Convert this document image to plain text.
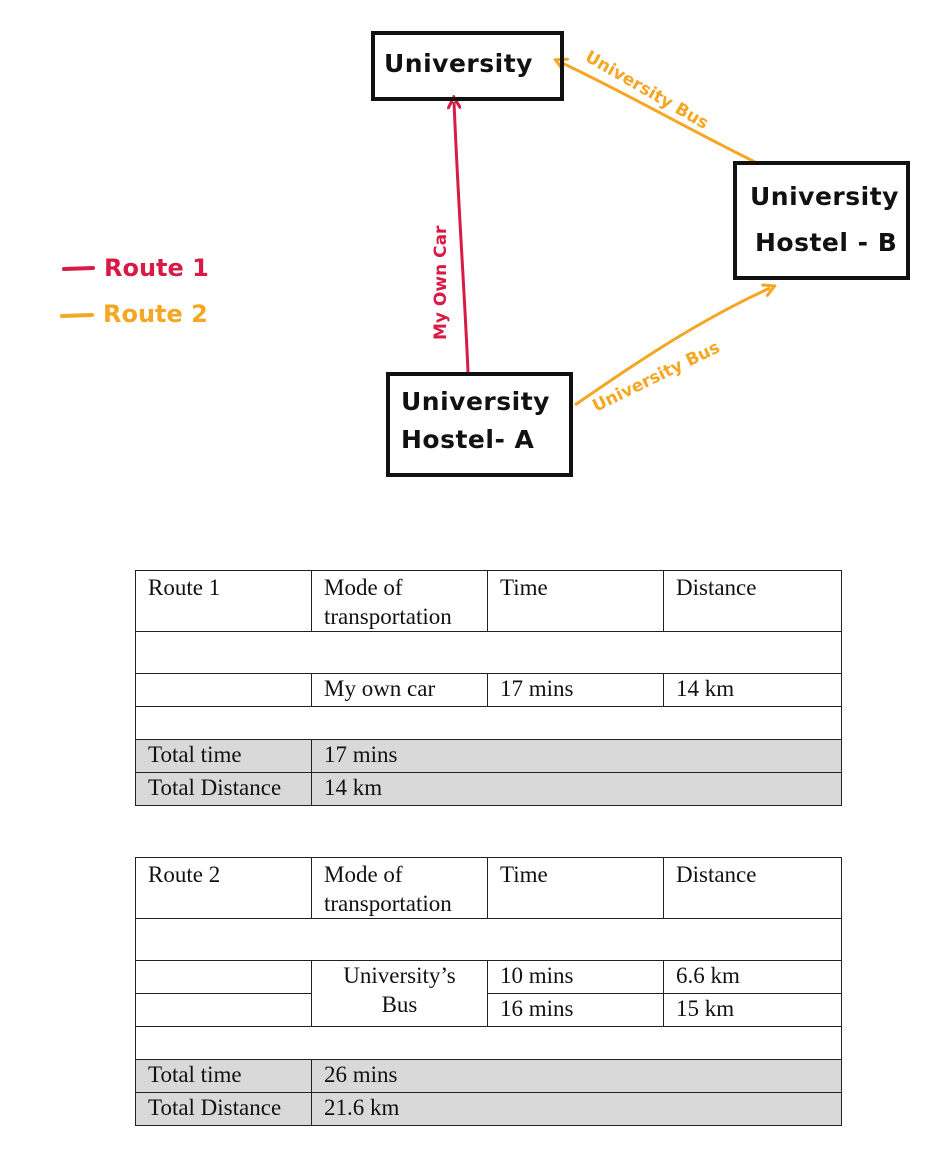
Route 1
Route 2	My Own Car
University Bus
University Bus
University
University
Hostel - B
University
Hostel- A
Route 1	Mode of transportation	Time	Distance

	My own car	17 mins	14 km

Total time	17 mins		
Total Distance	14 km		
Route 2	Mode of transportation	Time	Distance

	University’s Bus	10 mins	6.6 km
		16 mins	15 km

Total time	26 mins		
Total Distance	21.6 km		
